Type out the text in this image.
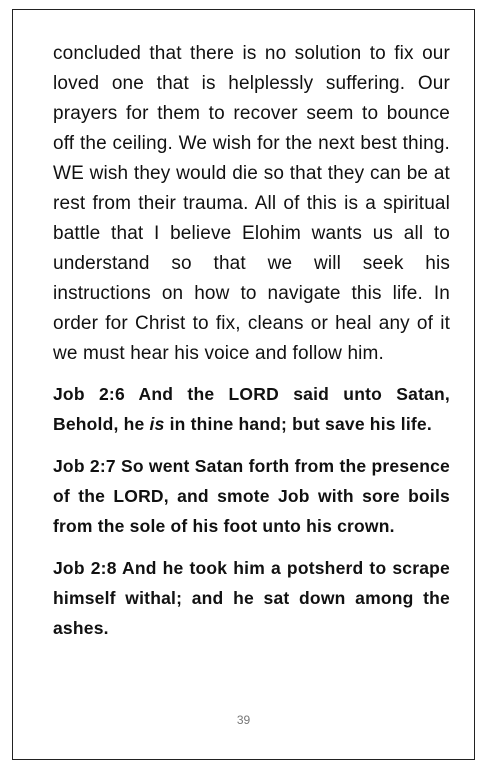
concluded that there is no solution to fix our loved one that is helplessly suffering. Our prayers for them to recover seem to bounce off the ceiling. We wish for the next best thing. WE wish they would die so that they can be at rest from their trauma. All of this is a spiritual battle that I believe Elohim wants us all to understand so that we will seek his instructions on how to navigate this life. In order for Christ to fix, cleans or heal any of it we must hear his voice and follow him.

Job 2:6 And the LORD said unto Satan, Behold, he is in thine hand; but save his life.

Job 2:7 So went Satan forth from the presence of the LORD, and smote Job with sore boils from the sole of his foot unto his crown.

Job 2:8 And he took him a potsherd to scrape himself withal; and he sat down among the ashes.

39
